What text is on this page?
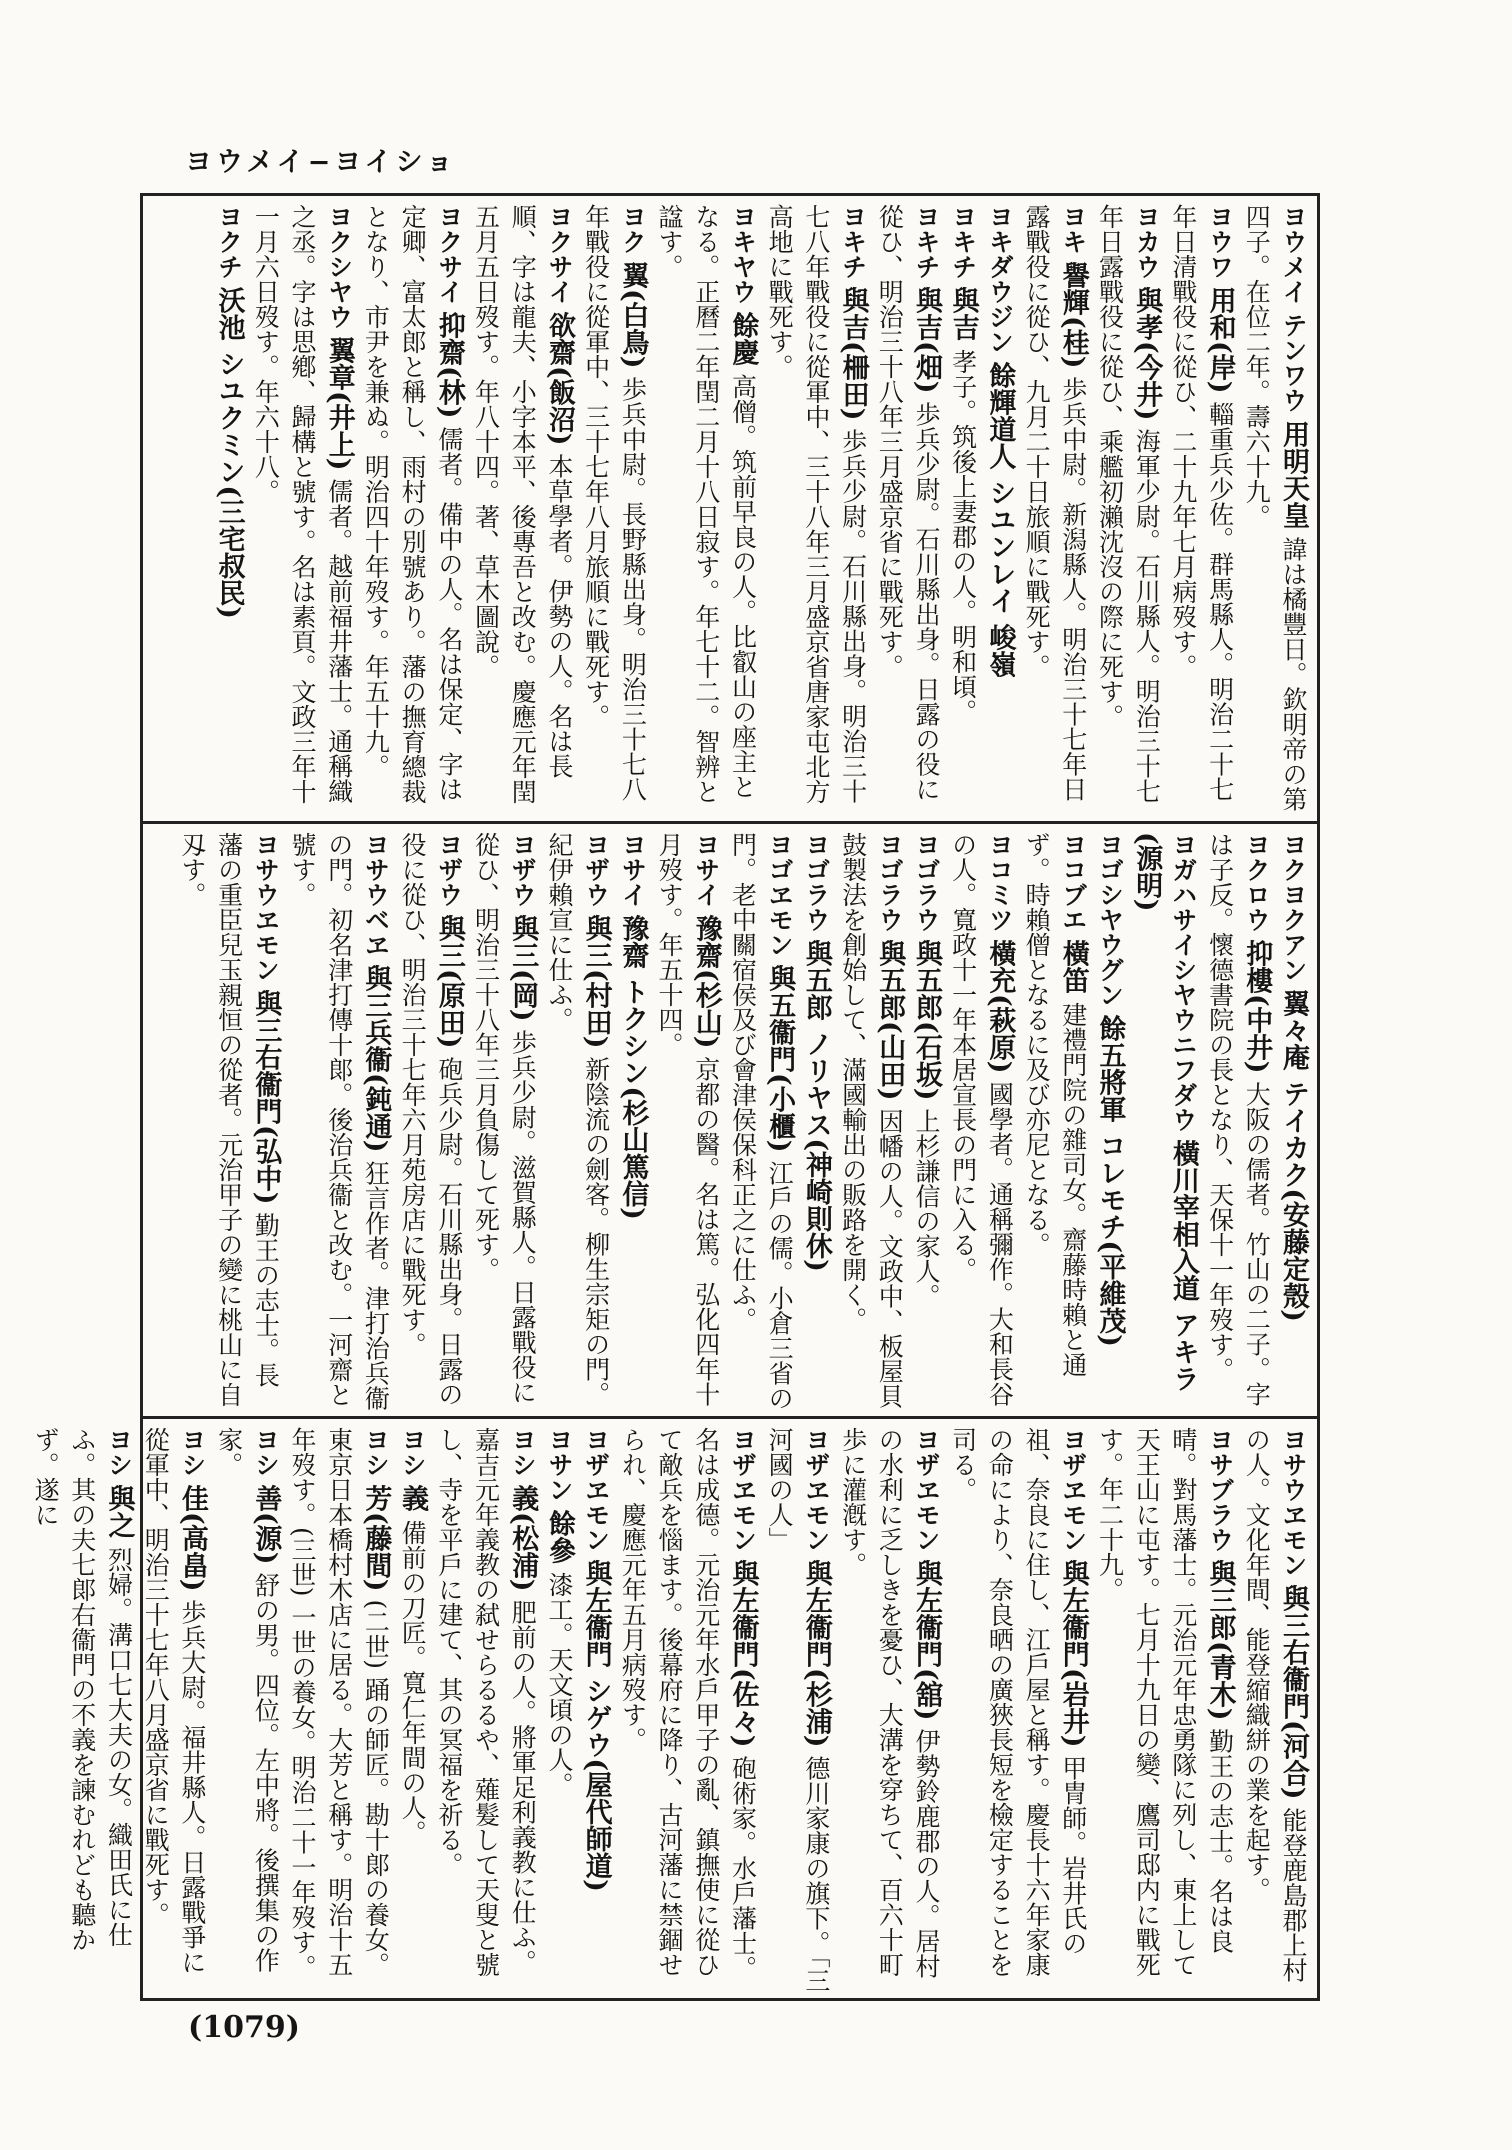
ヨウメイ−ヨイショ

ヨウメイ テンワウ 用明天皇 諱は橘豐日。欽明帝の第四子。在位二年。壽六十九。

ヨウワ 用和(岸) 輜重兵少佐。群馬縣人。明治二十七年日清戰役に從ひ、二十九年七月病歿す。

ヨカウ 與孝(今井) 海軍少尉。石川縣人。明治三十七年日露戰役に從ひ、乘艦初瀨沈沒の際に死す。

ヨキ 譽輝(桂) 歩兵中尉。新潟縣人。明治三十七年日露戰役に從ひ、九月二十日旅順に戰死す。

ヨキダウジン 餘輝道人 シユンレイ 峻嶺

ヨキチ 與吉 孝子。筑後上妻郡の人。明和頃。

ヨキチ 與吉(畑) 歩兵少尉。石川縣出身。日露の役に從ひ、明治三十八年三月盛京省に戰死す。

ヨキチ 與吉(柵田) 歩兵少尉。石川縣出身。明治三十七八年戰役に從軍中、三十八年三月盛京省唐家屯北方高地に戰死す。

ヨキヤウ 餘慶 高僧。筑前早良の人。比叡山の座主となる。正曆二年閏二月十八日寂す。年七十二。智辨と諡す。

ヨク 翼(白鳥) 歩兵中尉。長野縣出身。明治三十七八年戰役に從軍中、三十七年八月旅順に戰死す。

ヨクサイ 欲齋(飯沼) 本草學者。伊勢の人。名は長順、字は龍夫、小字本平、後專吾と改む。慶應元年閏五月五日歿す。年八十四。著、草木圖說。

ヨクサイ 抑齋(林) 儒者。備中の人。名は保定、字は定卿、富太郎と稱し、雨村の別號あり。藩の撫育總裁となり、市尹を兼ぬ。明治四十年歿す。年五十九。

ヨクシヤウ 翼章(井上) 儒者。越前福井藩士。通稱織之丞。字は思鄕、歸構と號す。名は素頁。文政三年十一月六日歿す。年六十八。

ヨクチ 沃池 シユクミン(三宅叔民)

ヨクヨクアン 翼々庵 テイカク(安藤定殼)

ヨクロウ 抑樓(中井) 大阪の儒者。竹山の二子。字は子反。懷德書院の長となり、天保十一年歿す。

ヨガハサイシヤウニフダウ 橫川宰相入道 アキラ(源明)

ヨゴシヤウグン 餘五將軍 コレモチ(平維茂)

ヨコブエ 橫笛 建禮門院の雜司女。齋藤時賴と通ず。時賴僧となるに及び亦尼となる。

ヨコミツ 橫充(萩原) 國學者。通稱彌作。大和長谷の人。寬政十一年本居宣長の門に入る。

ヨゴラウ 與五郎(石坂) 上杉謙信の家人。

ヨゴラウ 與五郎(山田) 因幡の人。文政中、板屋貝鼓製法を創始して、滿國輸出の販路を開く。

ヨゴラウ 與五郎 ノリヤス(神崎則休)

ヨゴヱモン 與五衞門(小櫃) 江戶の儒。小倉三省の門。老中關宿侯及び會津侯保科正之に仕ふ。

ヨサイ 豫齋(杉山) 京都の醫。名は篤。弘化四年十月歿す。年五十四。

ヨサイ 豫齋 トクシン(杉山篤信)

ヨザウ 與三(村田) 新陰流の劍客。柳生宗矩の門。紀伊賴宣に仕ふ。

ヨザウ 與三(岡) 歩兵少尉。滋賀縣人。日露戰役に從ひ、明治三十八年三月負傷して死す。

ヨザウ 與三(原田) 砲兵少尉。石川縣出身。日露の役に從ひ、明治三十七年六月苑房店に戰死す。

ヨサウベヱ 與三兵衞(鈍通) 狂言作者。津打治兵衞の門。初名津打傳十郞。後治兵衞と改む。一河齋と號す。

ヨサウヱモン 與三右衞門(弘中) 勤王の志士。長藩の重臣兒玉親恒の從者。元治甲子の變に桃山に自刄す。

ヨサウヱモン 與三右衞門(河合) 能登鹿島郡上村の人。文化年間、能登縮織絣の業を起す。

ヨサブラウ 與三郎(青木) 勤王の志士。名は良晴。對馬藩士。元治元年忠勇隊に列し、東上して天王山に屯す。七月十九日の變、鷹司邸内に戰死す。年二十九。

ヨザヱモン 與左衞門(岩井) 甲冑師。岩井氏の祖、奈良に住し、江戶屋と稱す。慶長十六年家康の命により、奈良晒の廣狹長短を檢定することを司る。

ヨザヱモン 與左衞門(舘) 伊勢鈴鹿郡の人。居村の水利に乏しきを憂ひ、大溝を穿ちて、百六十町歩に灌漑す。

ヨザヱモン 與左衞門(杉浦) 德川家康の旗下。「三河國の人」

ヨザヱモン 與左衞門(佐々) 砲術家。水戶藩士。名は成德。元治元年水戶甲子の亂、鎮撫使に從ひて敵兵を惱ます。後幕府に降り、古河藩に禁錮せられ、慶應元年五月病歿す。

ヨザヱモン 與左衞門 シゲウ(屋代師道)

ヨサン 餘參 漆工。天文頃の人。

ヨシ 義(松浦) 肥前の人。將軍足利義教に仕ふ。嘉吉元年義教の弑せらるるや、薙髮して天叟と號し、寺を平戶に建て、其の冥福を祈る。

ヨシ 義 備前の刀匠。寬仁年間の人。

ヨシ 芳(藤間) (二世) 踊の師匠。勘十郞の養女。東京日本橋村木店に居る。大芳と稱す。明治十五年歿す。(三世) 一世の養女。明治二十一年歿す。

ヨシ 善(源) 舒の男。四位。左中將。後撰集の作家。

ヨシ 佳(高畠) 歩兵大尉。福井縣人。日露戰爭に從軍中、明治三十七年八月盛京省に戰死す。

ヨシ 與之 烈婦。溝口七大夫の女。織田氏に仕ふ。其の夫七郞右衞門の不義を諫むれども聽かず。遂に

(1079)
